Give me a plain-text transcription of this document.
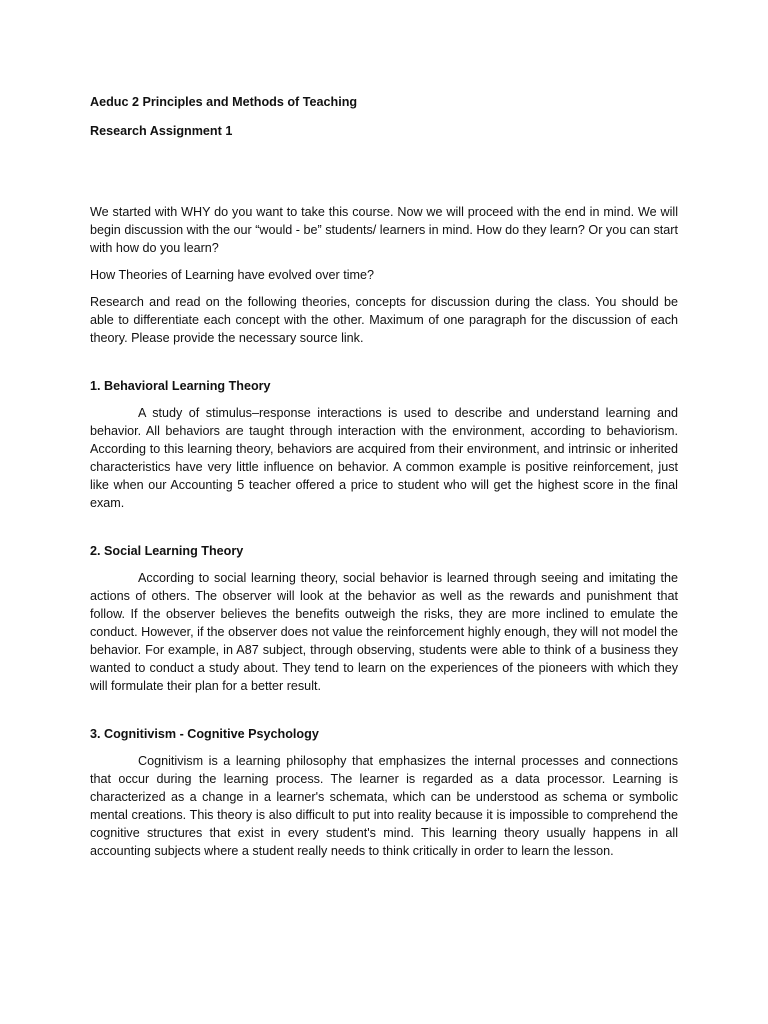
Aeduc 2 Principles and Methods of Teaching

Research Assignment 1

We started with WHY do you want to take this course. Now we will proceed with the end in mind. We will begin discussion with the our “would - be” students/ learners in mind. How do they learn? Or you can start with how do you learn?

How Theories of Learning have evolved over time?

Research and read on the following theories, concepts for discussion during the class. You should be able to differentiate each concept with the other. Maximum of one paragraph for the discussion of each theory. Please provide the necessary source link.

1. Behavioral Learning Theory

A study of stimulus–response interactions is used to describe and understand learning and behavior. All behaviors are taught through interaction with the environment, according to behaviorism. According to this learning theory, behaviors are acquired from their environment, and intrinsic or inherited characteristics have very little influence on behavior. A common example is positive reinforcement, just like when our Accounting 5 teacher offered a price to student who will get the highest score in the final exam.

2. Social Learning Theory

According to social learning theory, social behavior is learned through seeing and imitating the actions of others. The observer will look at the behavior as well as the rewards and punishment that follow. If the observer believes the benefits outweigh the risks, they are more inclined to emulate the conduct. However, if the observer does not value the reinforcement highly enough, they will not model the behavior. For example, in A87 subject, through observing, students were able to think of a business they wanted to conduct a study about. They tend to learn on the experiences of the pioneers with which they will formulate their plan for a better result.

3. Cognitivism - Cognitive Psychology

Cognitivism is a learning philosophy that emphasizes the internal processes and connections that occur during the learning process. The learner is regarded as a data processor. Learning is characterized as a change in a learner's schemata, which can be understood as schema or symbolic mental creations. This theory is also difficult to put into reality because it is impossible to comprehend the cognitive structures that exist in every student's mind. This learning theory usually happens in all accounting subjects where a student really needs to think critically in order to learn the lesson.
